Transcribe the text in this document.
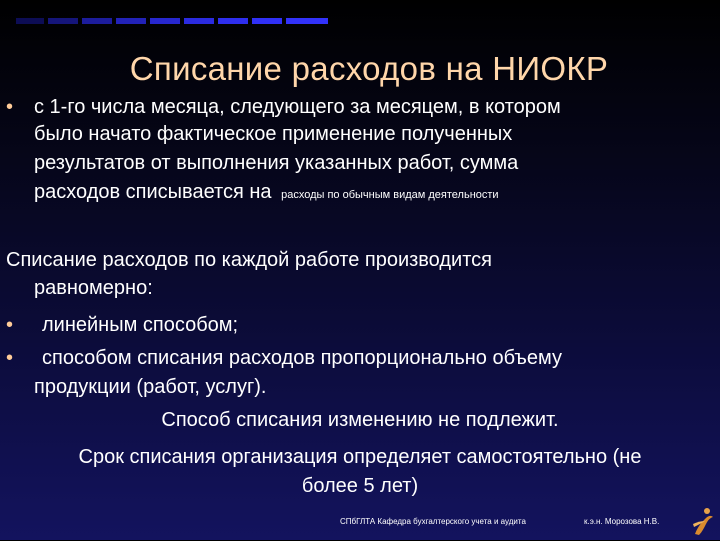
Списание расходов на НИОКР
• с 1-го числа месяца, следующего за месяцем, в котором
было начато фактическое применение полученных
результатов от выполнения указанных работ, сумма
расходов списывается на расходы по обычным видам деятельности
Списание расходов по каждой работе производится
равномерно:
• линейным способом;
• способом списания расходов пропорционально объему
продукции (работ, услуг).
Способ списания изменению не подлежит.
Срок списания организация определяет самостоятельно (не
более 5 лет)
СПбГЛТА Кафедра бухгалтерского учета и аудита	к.э.н. Морозова Н.В.
